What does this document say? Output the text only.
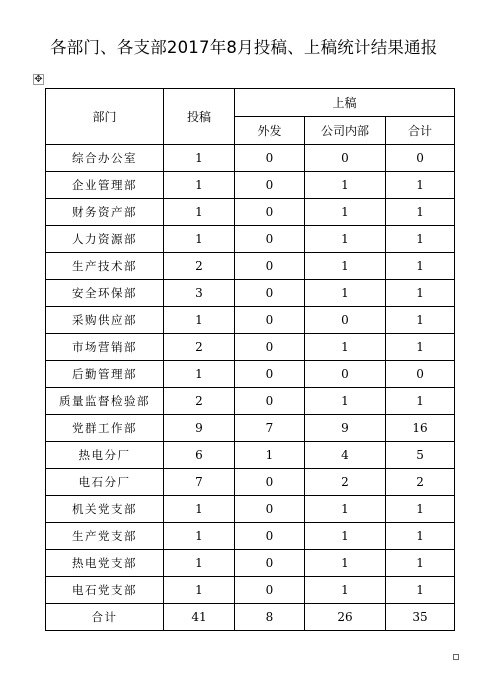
各部门、各支部2017年8月投稿、上稿统计结果通报
✥
部门	投稿	上稿		
		外发	公司内部	合计
综合办公室	1	0	0	0
企业管理部	1	0	1	1
财务资产部	1	0	1	1
人力资源部	1	0	1	1
生产技术部	2	0	1	1
安全环保部	3	0	1	1
采购供应部	1	0	0	1
市场营销部	2	0	1	1
后勤管理部	1	0	0	0
质量监督检验部	2	0	1	1
党群工作部	9	7	9	16
热电分厂	6	1	4	5
电石分厂	7	0	2	2
机关党支部	1	0	1	1
生产党支部	1	0	1	1
热电党支部	1	0	1	1
电石党支部	1	0	1	1
合计	41	8	26	35
